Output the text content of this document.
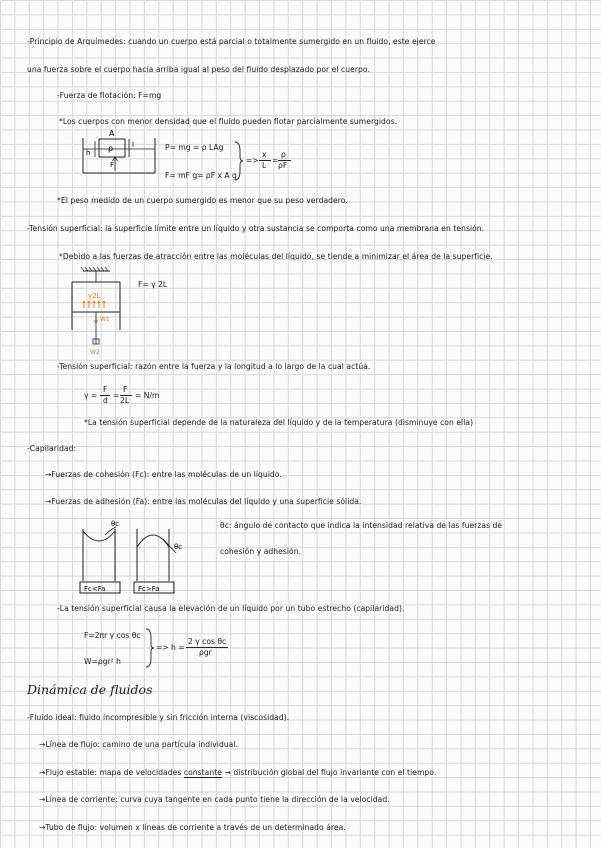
-Principio de Arquímedes: cuando un cuerpo está parcial o totalmente sumergido en un fluido, este ejerce
una fuerza sobre el cuerpo hacia arriba igual al peso del fluido desplazado por el cuerpo.
-Fuerza de flotación: F=mg
*Los cuerpos con menor densidad que el fluido pueden flotar parcialmente sumergidos.
A
ρ
h
l
F
P= mg = ρ LAg
F= mF g= ρF x A g
=>
x
L
=
ρ
ρF
*El peso medido de un cuerpo sumergido es menor que su peso verdadero.
-Tensión superficial: la superficie límite entre un líquido y otra sustancia se comporta como una membrana en tensión.
*Debido a las fuerzas de atracción entre las moléculas del líquido, se tiende a minimizar el área de la superficie.
γ2L
W1
W2
F= γ 2L
-Tensión superficial: razón entre la fuerza y la longitud a lo largo de la cual actúa.
γ =
F
d
=
F
2L
= N/m
*La tensión superficial depende de la naturaleza del líquido y de la temperatura (disminuye con ella)
-Capilaridad:
→Fuerzas de cohesión (Fc): entre las moléculas de un líquido.
→Fuerzas de adhesión (Fa): entre las moléculas del líquido y una superficie sólida.
θc
Fc<Fa
θc
Fc>Fa
θc: ángulo de contacto que indica la intensidad relativa de las fuerzas de
cohesión y adhesión.
-La tensión superficial causa la elevación de un líquido por un tubo estrecho (capilaridad).
F=2πr γ cos θc
W=ρgr² h
=> h =
2 γ cos θc
ρgr
Dinámica de fluidos
-Fluido ideal: fluido incompresible y sin fricción interna (viscosidad).
→Línea de flujo: camino de una partícula individual.
→Flujo estable: mapa de velocidades constante → distribución global del flujo invariante con el tiempo.
→Línea de corriente: curva cuya tangente en cada punto tiene la dirección de la velocidad.
→Tubo de flujo: volumen x líneas de corriente a través de un determinado área.
